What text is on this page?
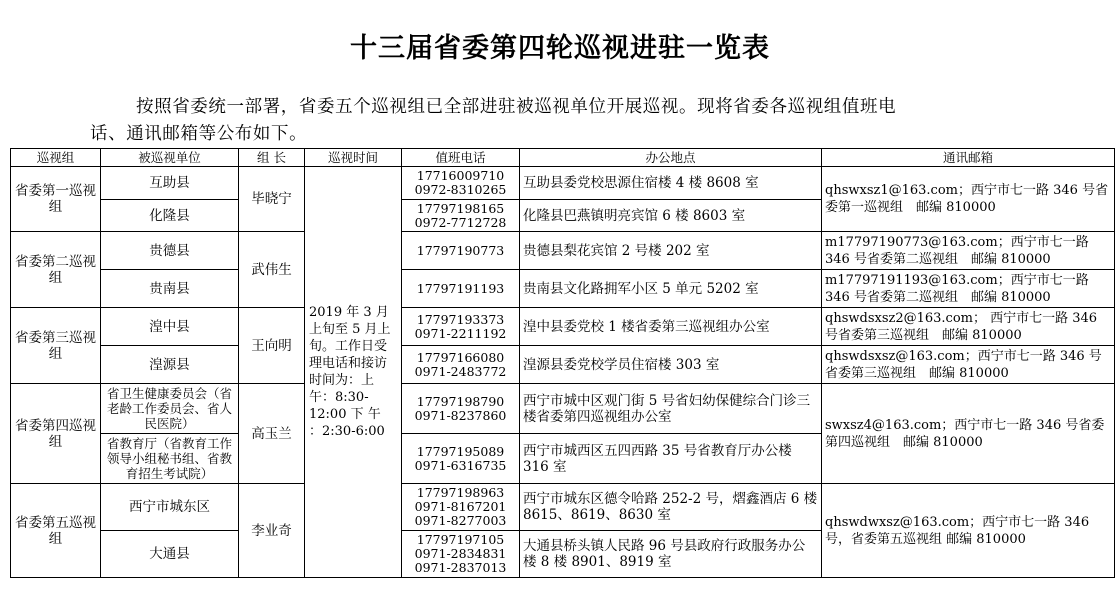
十三届省委第四轮巡视进驻一览表
按照省委统一部署，省委五个巡视组已全部进驻被巡视单位开展巡视。现将省委各巡视组值班电
话、通讯邮箱等公布如下。
巡视组	被巡视单位	组 长	巡视时间	值班电话	办公地点	通讯邮箱
省委第一巡视组	互助县	毕晓宁	2019 年 3 月上旬至 5 月上旬。工作日受理电话和接访时间为：上午：8:30-12:00 下 午 ：2:30-6:00	17716009710
0972-8310265	互助县委党校思源住宿楼 4 楼 8608 室	qhswxsz1@163.com；西宁市七一路 346 号省委第一巡视组　邮编 810000
	化隆县			17797198165
0972-7712728	化隆县巴燕镇明亮宾馆 6 楼 8603 室	
省委第二巡视组	贵德县	武伟生		17797190773	贵德县梨花宾馆 2 号楼 202 室	m17797190773@163.com；西宁市七一路 346 号省委第二巡视组　邮编 810000
	贵南县			17797191193	贵南县文化路拥军小区 5 单元 5202 室	m17797191193@163.com；西宁市七一路 346 号省委第二巡视组　邮编 810000
省委第三巡视组	湟中县	王向明		17797193373
0971-2211192	湟中县委党校 1 楼省委第三巡视组办公室	qhswdsxsz2@163.com； 西宁市七一路 346 号省委第三巡视组　邮编 810000
	湟源县			17797166080
0971-2483772	湟源县委党校学员住宿楼 303 室	qhswdsxsz@163.com；西宁市七一路 346 号省委第三巡视组　邮编 810000
省委第四巡视组	省卫生健康委员会（省老龄工作委员会、省人民医院）	高玉兰		17797198790
0971-8237860	西宁市城中区观门街 5 号省妇幼保健综合门诊三楼省委第四巡视组办公室	swxsz4@163.com；西宁市七一路 346 号省委第四巡视组　邮编 810000
	省教育厅（省教育工作领导小组秘书组、省教育招生考试院）			17797195089
0971-6316735	西宁市城西区五四西路 35 号省教育厅办公楼 316 室	
省委第五巡视组	西宁市城东区	李业奇		17797198963
0971-8167201
0971-8277003	西宁市城东区德令哈路 252-2 号，熠鑫酒店 6 楼 8615、8619、8630 室	qhswdwxsz@163.com；西宁市七一路 346 号，省委第五巡视组 邮编 810000
	大通县			17797197105
0971-2834831
0971-2837013	大通县桥头镇人民路 96 号县政府行政服务办公楼 8 楼 8901、8919 室	
